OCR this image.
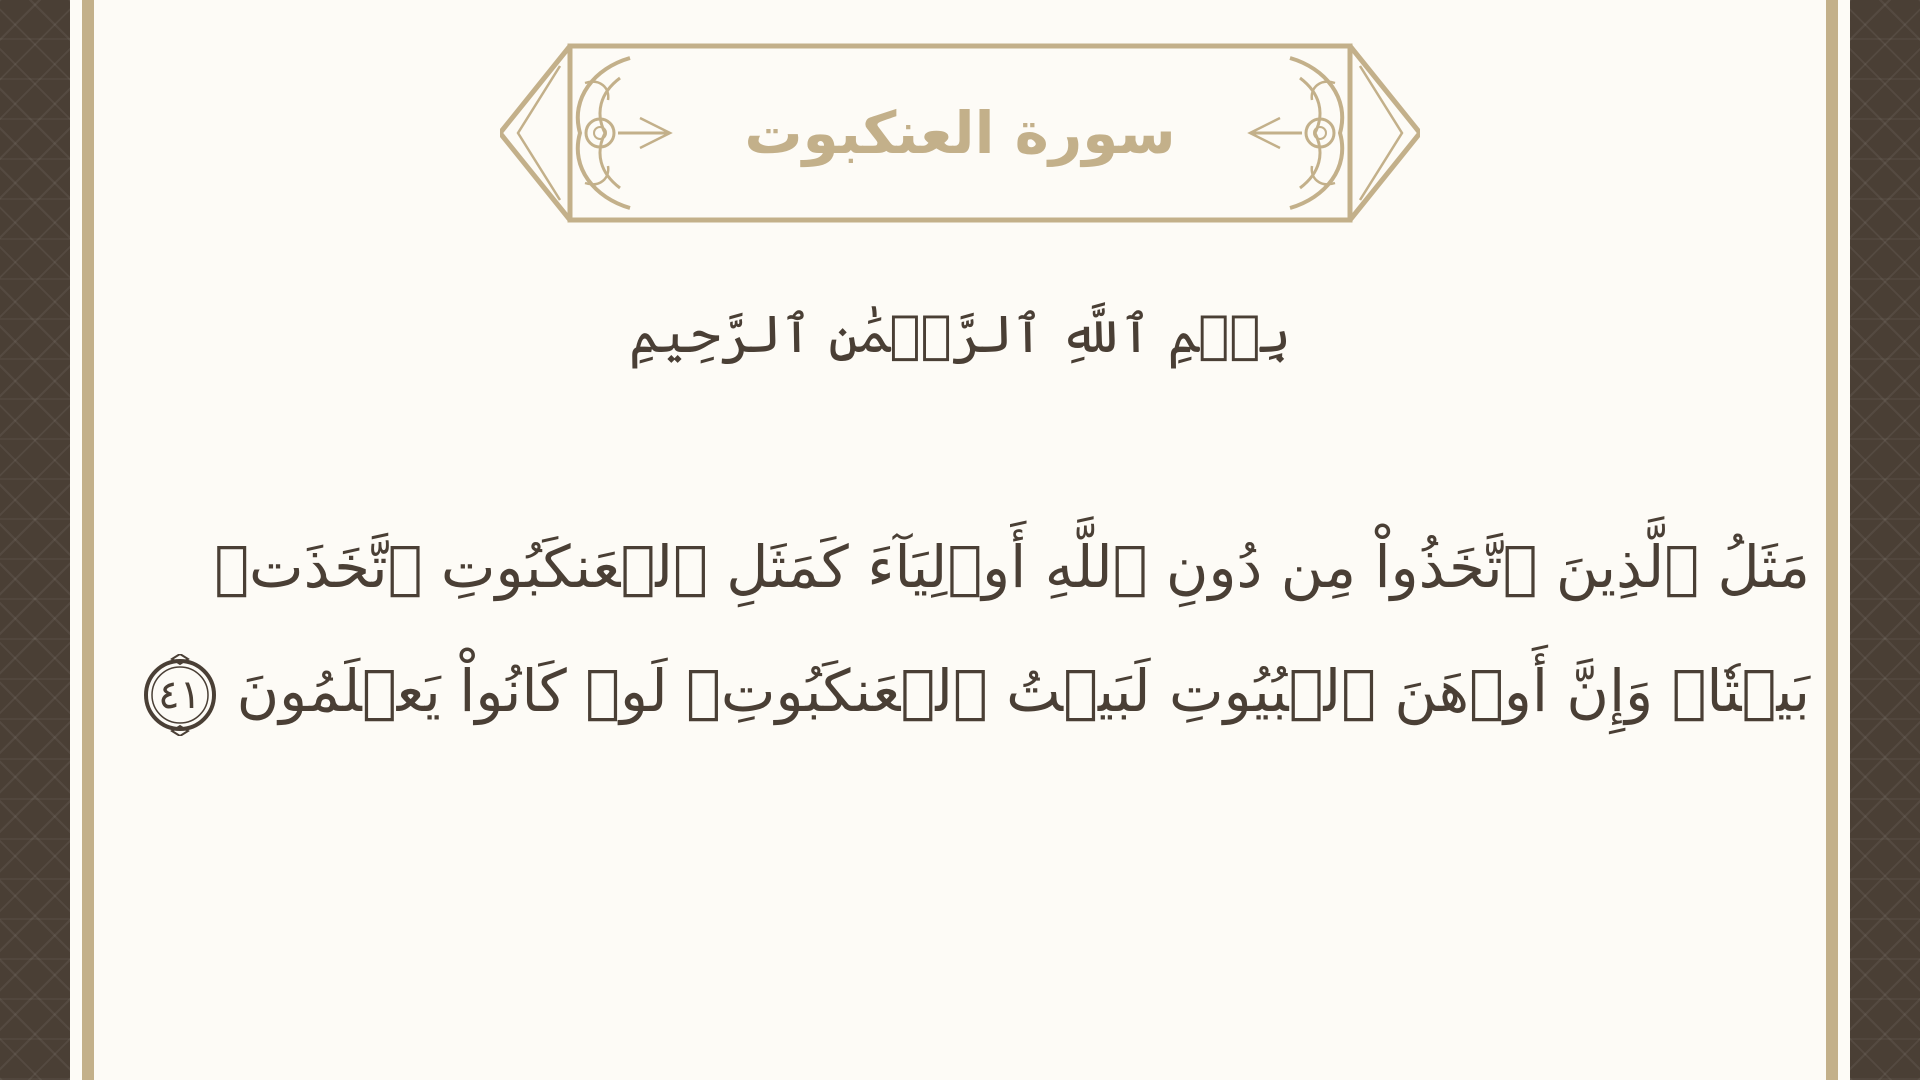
سورة العنكبوت
بِسۡمِ ٱللَّهِ ٱلرَّحۡمَٰنِ ٱلرَّحِيمِ
مَثَلُ ٱلَّذِينَ ٱتَّخَذُواْ مِن دُونِ ٱللَّهِ أَوۡلِيَآءَ كَمَثَلِ ٱلۡعَنكَبُوتِ ٱتَّخَذَتۡ
بَيۡتٗاۖ وَإِنَّ أَوۡهَنَ ٱلۡبُيُوتِ لَبَيۡتُ ٱلۡعَنكَبُوتِۖ لَوۡ كَانُواْ يَعۡلَمُونَ
٤١
